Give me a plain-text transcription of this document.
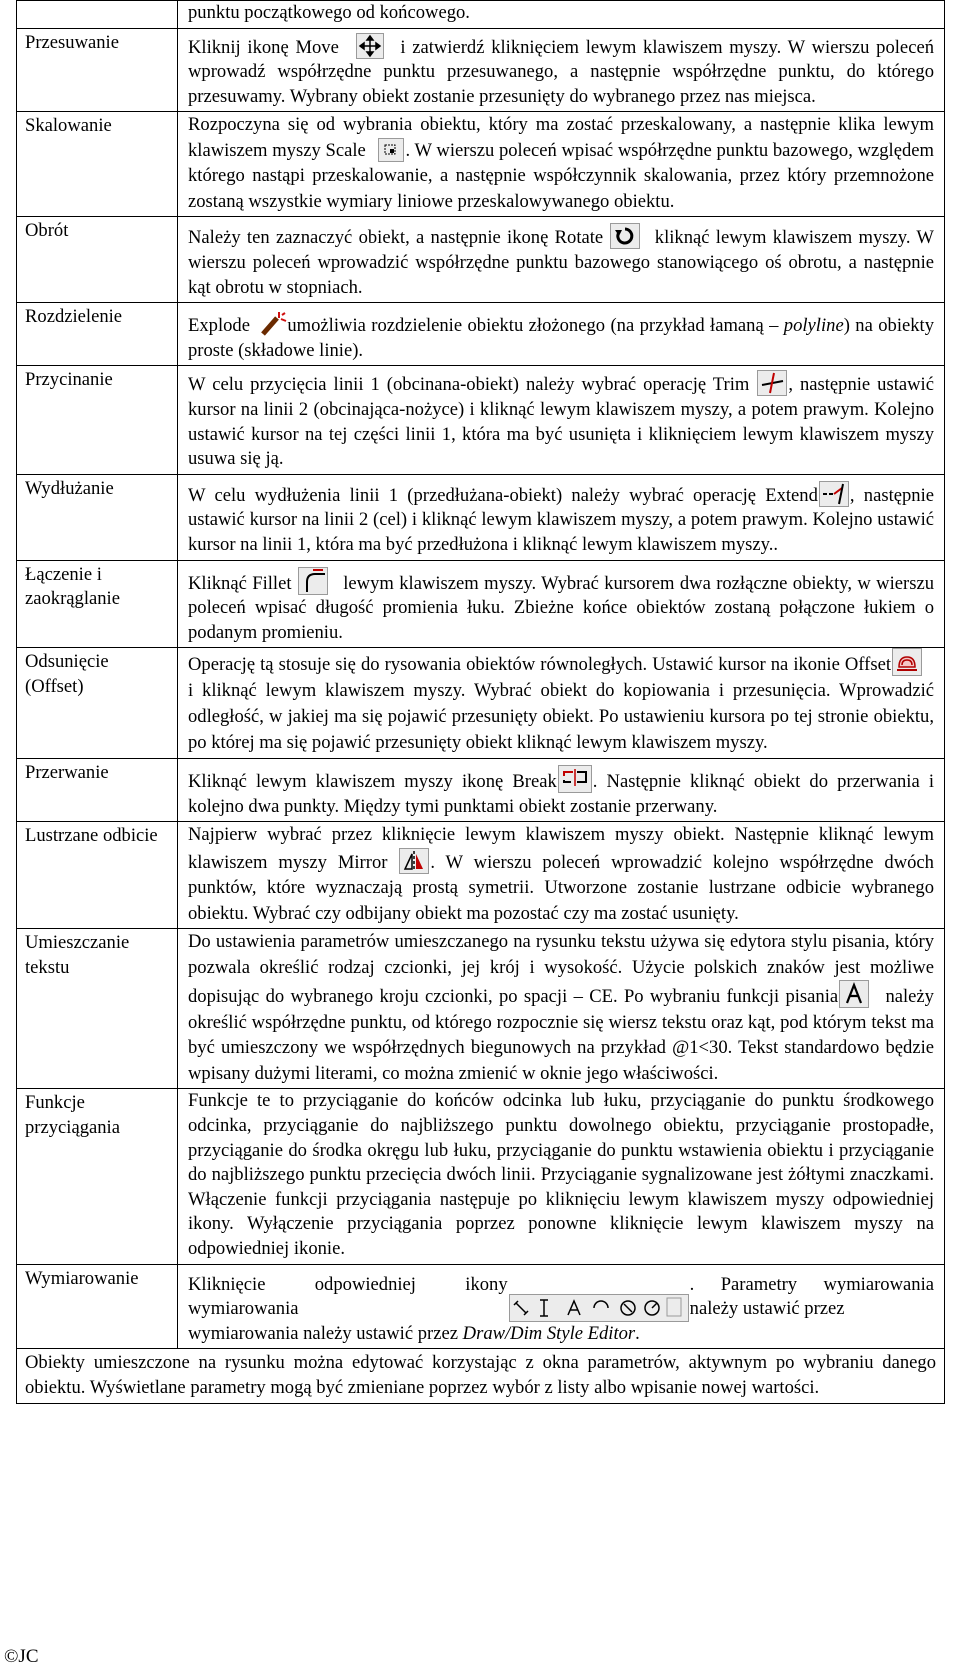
	punktu początkowego od końcowego.
Przesuwanie	Kliknij ikonę Move i zatwierdź kliknięciem lewym klawiszem myszy. W wierszu poleceń wprowadź współrzędne punktu przesuwanego, a następnie współrzędne punktu, do którego przesuwamy. Wybrany obiekt zostanie przesunięty do wybranego przez nas miejsca.
Skalowanie	Rozpoczyna się od wybrania obiektu, który ma zostać przeskalowany, a następnie klika lewym klawiszem myszy Scale . W wierszu poleceń wpisać współrzędne punktu bazowego, względem którego nastąpi przeskalowanie, a następnie współczynnik skalowania, przez który przemnożone zostaną wszystkie wymiary liniowe przeskalowywanego obiektu.
Obrót	Należy ten zaznaczyć obiekt, a następnie ikonę Rotate kliknąć lewym klawiszem myszy. W wierszu poleceń wprowadzić współrzędne punktu bazowego stanowiącego oś obrotu, a następnie kąt obrotu w stopniach.
Rozdzielenie	Explode umożliwia rozdzielenie obiektu złożonego (na przykład łamaną – polyline) na obiekty proste (składowe linie).
Przycinanie	W celu przycięcia linii 1 (obcinana-obiekt) należy wybrać operację Trim , następnie ustawić kursor na linii 2 (obcinająca-nożyce) i kliknąć lewym klawiszem myszy, a potem prawym. Kolejno ustawić kursor na tej części linii 1, która ma być usunięta i kliknięciem lewym klawiszem myszy usuwa się ją.
Wydłużanie	W celu wydłużenia linii 1 (przedłużana-obiekt) należy wybrać operację Extend , następnie ustawić kursor na linii 2 (cel) i kliknąć lewym klawiszem myszy, a potem prawym. Kolejno ustawić kursor na linii 1, która ma być przedłużona i kliknąć lewym klawiszem myszy..
Łączenie i zaokrąglanie	Kliknąć Fillet lewym klawiszem myszy. Wybrać kursorem dwa rozłączne obiekty, w wierszu poleceń wpisać długość promienia łuku. Zbieżne końce obiektów zostaną połączone łukiem o podanym promieniu.
Odsunięcie (Offset)	Operację tą stosuje się do rysowania obiektów równoległych. Ustawić kursor na ikonie Offset
i kliknąć lewym klawiszem myszy. Wybrać obiekt do kopiowania i przesunięcia. Wprowadzić odległość, w jakiej ma się pojawić przesunięty obiekt. Po ustawieniu kursora po tej stronie obiektu, po której ma się pojawić przesunięty obiekt kliknąć lewym klawiszem myszy.
Przerwanie	Kliknąć lewym klawiszem myszy ikonę Break . Następnie kliknąć obiekt do przerwania i kolejno dwa punkty. Między tymi punktami obiekt zostanie przerwany.
Lustrzane odbicie	Najpierw wybrać przez kliknięcie lewym klawiszem myszy obiekt. Następnie kliknąć lewym klawiszem myszy Mirror . W wierszu poleceń wprowadzić kolejno współrzędne dwóch punktów, które wyznaczają prostą symetrii. Utworzone zostanie lustrzane odbicie wybranego obiektu. Wybrać czy odbijany obiekt ma pozostać czy ma zostać usunięty.
Umieszczanie tekstu	Do ustawienia parametrów umieszczanego na rysunku tekstu używa się edytora stylu pisania, który pozwala określić rodzaj czcionki, jej krój i wysokość. Użycie polskich znaków jest możliwe dopisując do wybranego kroju czcionki, po spacji – CE. Po wybraniu funkcji pisania należy określić współrzędne punktu, od którego rozpocznie się wiersz tekstu oraz kąt, pod którym tekst ma być umieszczony we współrzędnych biegunowych na przykład @1<30. Tekst standardowo będzie wpisany dużymi literami, co można zmienić w oknie jego właściwości.
Funkcje przyciągania	Funkcje te to przyciąganie do końców odcinka lub łuku, przyciąganie do punktu środkowego odcinka, przyciąganie do najbliższego punktu dowolnego obiektu, przyciąganie prostopadłe, przyciąganie do środka okręgu lub łuku, przyciąganie do punktu wstawienia obiektu i przyciąganie do najbliższego punktu przecięcia dwóch linii. Przyciąganie sygnalizowane jest żółtymi znaczkami. Włączenie funkcji przyciągania następuje po kliknięciu lewym klawiszem myszy odpowiedniej ikony. Wyłączenie przyciągania poprzez ponowne kliknięcie lewym klawiszem myszy na odpowiedniej ikonie.
Wymiarowanie	Kliknięcie odpowiedniej ikony wymiarowania
. Parametry wymiarowania należy ustawić przez
wymiarowania należy ustawić przez Draw/Dim Style Editor.

Obiekty umieszczone na rysunku można edytować korzystając z okna parametrów, aktywnym po wybraniu danego obiektu. Wyświetlane parametry mogą być zmieniane poprzez wybór z listy albo wpisanie nowej wartości.	
©JC
